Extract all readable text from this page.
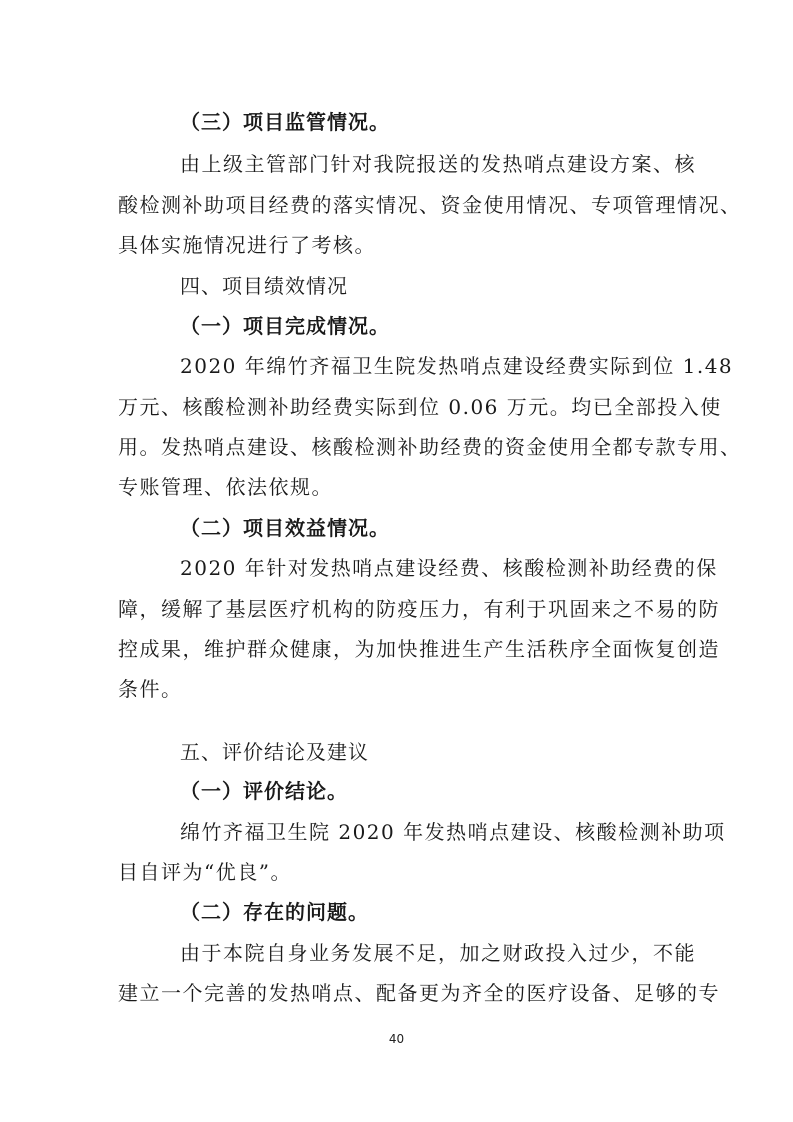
（三）项目监管情况。
由上级主管部门针对我院报送的发热哨点建设方案、核
酸检测补助项目经费的落实情况、资金使用情况、专项管理情况、
具体实施情况进行了考核。
四、项目绩效情况
（一）项目完成情况。
2020 年绵竹齐福卫生院发热哨点建设经费实际到位 1.48
万元、核酸检测补助经费实际到位 0.06 万元。均已全部投入使
用。发热哨点建设、核酸检测补助经费的资金使用全都专款专用、
专账管理、依法依规。
（二）项目效益情况。
2020 年针对发热哨点建设经费、核酸检测补助经费的保
障，缓解了基层医疗机构的防疫压力，有利于巩固来之不易的防
控成果，维护群众健康，为加快推进生产生活秩序全面恢复创造
条件。
五、评价结论及建议
（一）评价结论。
绵竹齐福卫生院 2020 年发热哨点建设、核酸检测补助项
目自评为“优良”。
（二）存在的问题。
由于本院自身业务发展不足，加之财政投入过少，不能
建立一个完善的发热哨点、配备更为齐全的医疗设备、足够的专
40
